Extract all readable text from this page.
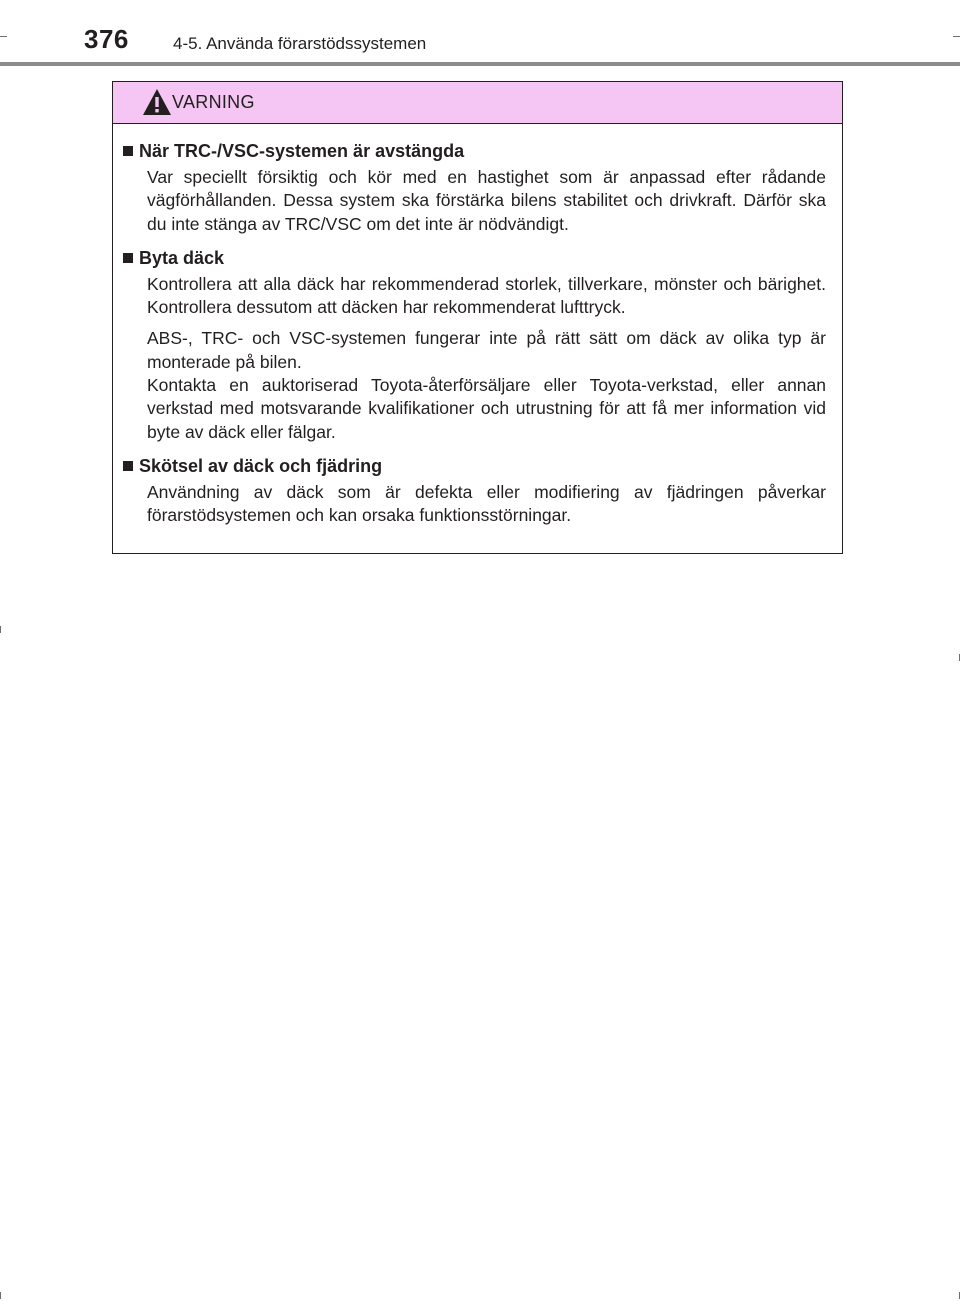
376	4-5. Använda förarstödssystemen
VARNING
När TRC-/VSC-systemen är avstängda

Var speciellt försiktig och kör med en hastighet som är anpassad efter rådande vägförhållanden. Dessa system ska förstärka bilens stabilitet och drivkraft. Därför ska du inte stänga av TRC/VSC om det inte är nödvändigt.

Byta däck

Kontrollera att alla däck har rekommenderad storlek, tillverkare, mönster och bärighet. Kontrollera dessutom att däcken har rekommenderat lufttryck.

ABS-, TRC- och VSC-systemen fungerar inte på rätt sätt om däck av olika typ är monterade på bilen.

Kontakta en auktoriserad Toyota-återförsäljare eller Toyota-verkstad, eller annan verkstad med motsvarande kvalifikationer och utrustning för att få mer information vid byte av däck eller fälgar.

Skötsel av däck och fjädring

Användning av däck som är defekta eller modifiering av fjädringen påverkar förarstödsystemen och kan orsaka funktionsstörningar.
